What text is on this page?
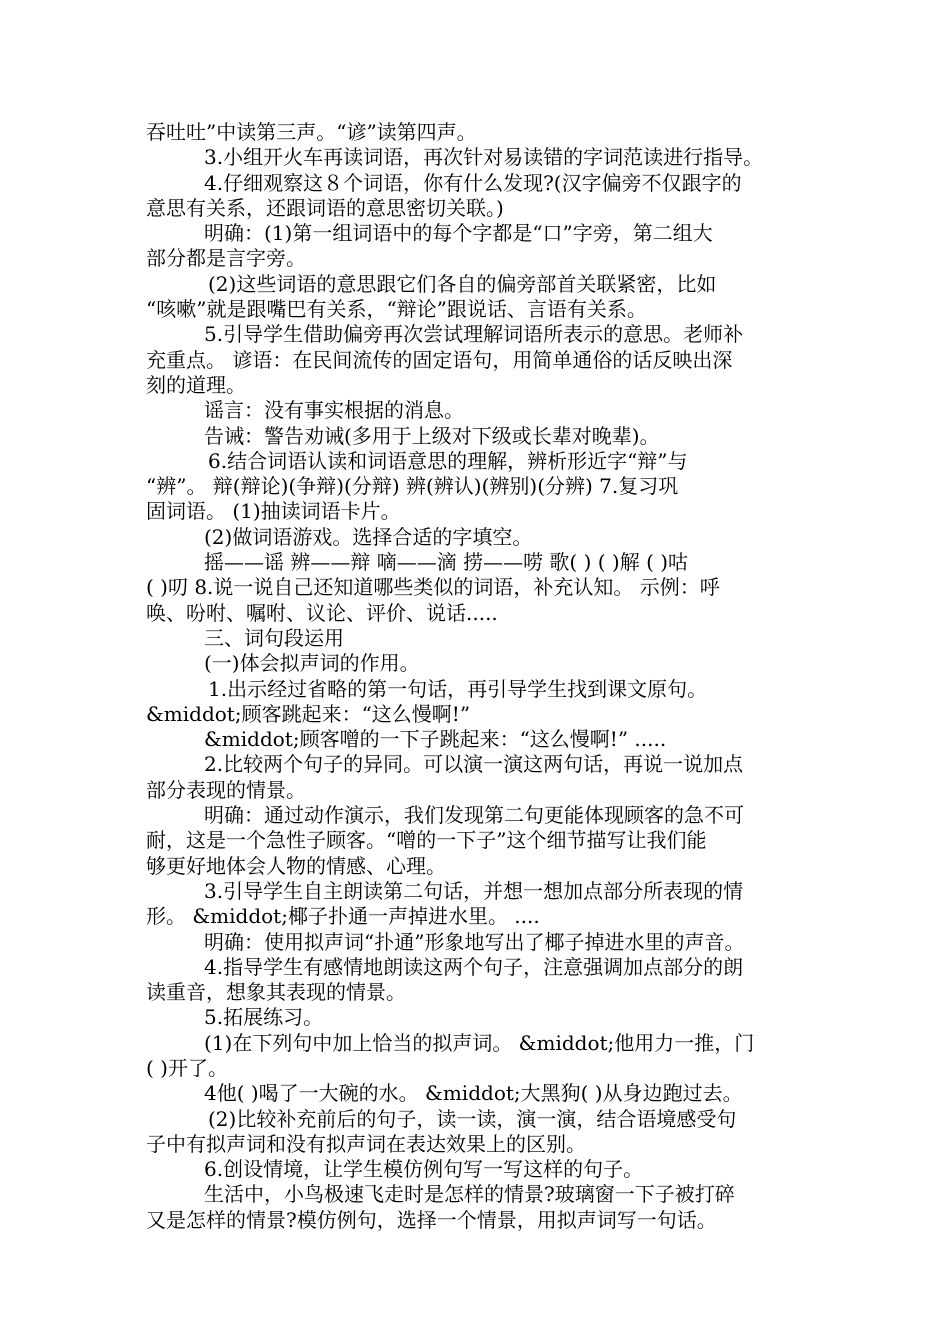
吞吐吐”中读第三声。“谚”读第四声。
3.小组开火车再读词语，再次针对易读错的字词范读进行指导。
4.仔细观察这８个词语，你有什么发现?(汉字偏旁不仅跟字的
意思有关系，还跟词语的意思密切关联。)
明确：(1)第一组词语中的每个字都是“口”字旁，第二组大
部分都是言字旁。
(2)这些词语的意思跟它们各自的偏旁部首关联紧密，比如
“咳嗽”就是跟嘴巴有关系，“辩论”跟说话、言语有关系。
5.引导学生借助偏旁再次尝试理解词语所表示的意思。老师补
充重点。 谚语：在民间流传的固定语句，用简单通俗的话反映出深
刻的道理。
谣言：没有事实根据的消息。
告诫：警告劝诫(多用于上级对下级或长辈对晚辈)。
6.结合词语认读和词语意思的理解，辨析形近字“辩”与
“辨”。 辩(辩论)(争辩)(分辩) 辨(辨认)(辨别)(分辨) 7.复习巩
固词语。 (1)抽读词语卡片。
(2)做词语游戏。选择合适的字填空。
摇——谣 辨——辩 嘀——滴 捞——唠 歌( ) ( )解 ( )咕
( )叨 8.说一说自己还知道哪些类似的词语，补充认知。 示例：呼
唤、吩咐、嘱咐、议论、评价、说话.....
三、词句段运用
(一)体会拟声词的作用。
1.出示经过省略的第一句话，再引导学生找到课文原句。
&middot;顾客跳起来：“这么慢啊!”
&middot;顾客噌的一下子跳起来：“这么慢啊!” .....
2.比较两个句子的异同。可以演一演这两句话，再说一说加点
部分表现的情景。
明确：通过动作演示，我们发现第二句更能体现顾客的急不可
耐，这是一个急性子顾客。“噌的一下子”这个细节描写让我们能
够更好地体会人物的情感、心理。
3.引导学生自主朗读第二句话，并想一想加点部分所表现的情
形。 &middot;椰子扑通一声掉进水里。 ....
明确：使用拟声词“扑通”形象地写出了椰子掉进水里的声音。
4.指导学生有感情地朗读这两个句子，注意强调加点部分的朗
读重音，想象其表现的情景。
5.拓展练习。
(1)在下列句中加上恰当的拟声词。 &middot;他用力一推，门
( )开了。
4他( )喝了一大碗的水。 &middot;大黑狗( )从身边跑过去。
(2)比较补充前后的句子，读一读，演一演，结合语境感受句
子中有拟声词和没有拟声词在表达效果上的区别。
6.创设情境，让学生模仿例句写一写这样的句子。
生活中，小鸟极速飞走时是怎样的情景?玻璃窗一下子被打碎
又是怎样的情景?模仿例句，选择一个情景，用拟声词写一句话。
